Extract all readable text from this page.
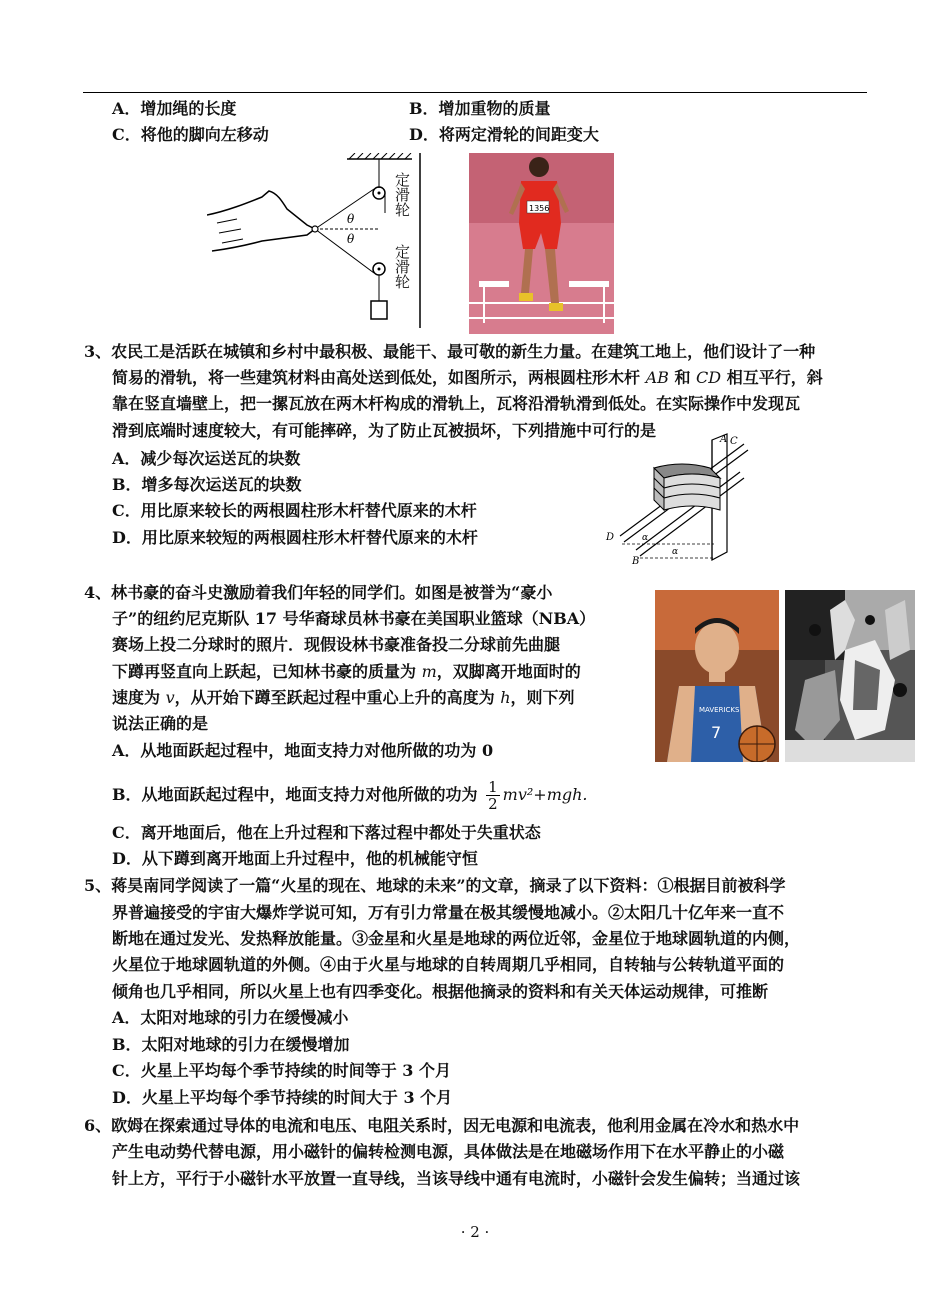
A．增加绳的长度	B．增加重物的质量
C．将他的脚向左移动	D．将两定滑轮的间距变大
θ
θ
定滑轮
定滑轮
1356
3、农民工是活跃在城镇和乡村中最积极、最能干、最可敬的新生力量。在建筑工地上，他们设计了一种
简易的滑轨，将一些建筑材料由高处送到低处，如图所示，两根圆柱形木杆 AB 和 CD 相互平行，斜
靠在竖直墙壁上，把一摞瓦放在两木杆构成的滑轨上，瓦将沿滑轨滑到低处。在实际操作中发现瓦
滑到底端时速度较大，有可能摔碎，为了防止瓦被损坏，下列措施中可行的是
A．减少每次运送瓦的块数
B．增多每次运送瓦的块数
C．用比原来较长的两根圆柱形木杆替代原来的木杆
D．用比原来较短的两根圆柱形木杆替代原来的木杆
A C
D
B
α
α
4、林书豪的奋斗史激励着我们年轻的同学们。如图是被誉为“豪小
子”的纽约尼克斯队 17 号华裔球员林书豪在美国职业篮球（NBA）
赛场上投二分球时的照片．现假设林书豪准备投二分球前先曲腿
下蹲再竖直向上跃起，已知林书豪的质量为 m，双脚离开地面时的
速度为 v，从开始下蹲至跃起过程中重心上升的高度为 h，则下列
说法正确的是
A．从地面跃起过程中，地面支持力对他所做的功为 0
B．从地面跃起过程中，地面支持力对他所做的功为 $\frac{1}{2} mv^2+mgh$.
C．离开地面后，他在上升过程和下落过程中都处于失重状态
D．从下蹲到离开地面上升过程中，他的机械能守恒
MAVERICKS
7
5、蒋昊南同学阅读了一篇“火星的现在、地球的未来”的文章，摘录了以下资料：①根据目前被科学
界普遍接受的宇宙大爆炸学说可知，万有引力常量在极其缓慢地减小。②太阳几十亿年来一直不
断地在通过发光、发热释放能量。③金星和火星是地球的两位近邻，金星位于地球圆轨道的内侧，
火星位于地球圆轨道的外侧。④由于火星与地球的自转周期几乎相同，自转轴与公转轨道平面的
倾角也几乎相同，所以火星上也有四季变化。根据他摘录的资料和有关天体运动规律，可推断
A．太阳对地球的引力在缓慢减小
B．太阳对地球的引力在缓慢增加
C．火星上平均每个季节持续的时间等于 3 个月
D．火星上平均每个季节持续的时间大于 3 个月
6、欧姆在探索通过导体的电流和电压、电阻关系时，因无电源和电流表，他利用金属在冷水和热水中
产生电动势代替电源，用小磁针的偏转检测电源，具体做法是在地磁场作用下在水平静止的小磁
针上方，平行于小磁针水平放置一直导线，当该导线中通有电流时，小磁针会发生偏转；当通过该
· 2 ·
